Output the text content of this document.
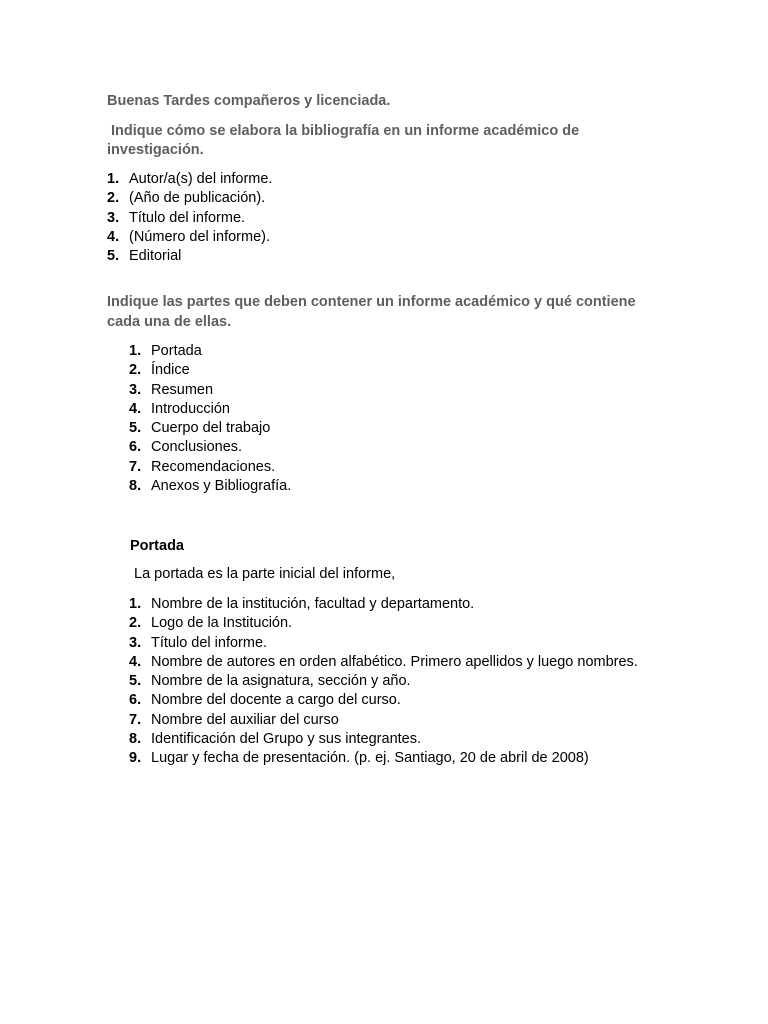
Buenas Tardes compañeros y licenciada.

Indique cómo se elabora la bibliografía en un informe académico de

investigación.

1. Autor/a(s) del informe.
2. (Año de publicación).
3. Título del informe.
4. (Número del informe).
5. Editorial

Indique las partes que deben contener un informe académico y qué contiene

cada una de ellas.

1. Portada
2. Índice
3. Resumen
4. Introducción
5. Cuerpo del trabajo
6. Conclusiones.
7. Recomendaciones.
8. Anexos y Bibliografía.

Portada

La portada es la parte inicial del informe,

1. Nombre de la institución, facultad y departamento.
2. Logo de la Institución.
3. Título del informe.
4. Nombre de autores en orden alfabético. Primero apellidos y luego nombres.
5. Nombre de la asignatura, sección y año.
6. Nombre del docente a cargo del curso.
7. Nombre del auxiliar del curso
8. Identificación del Grupo y sus integrantes.
9. Lugar y fecha de presentación. (p. ej. Santiago, 20 de abril de 2008)
